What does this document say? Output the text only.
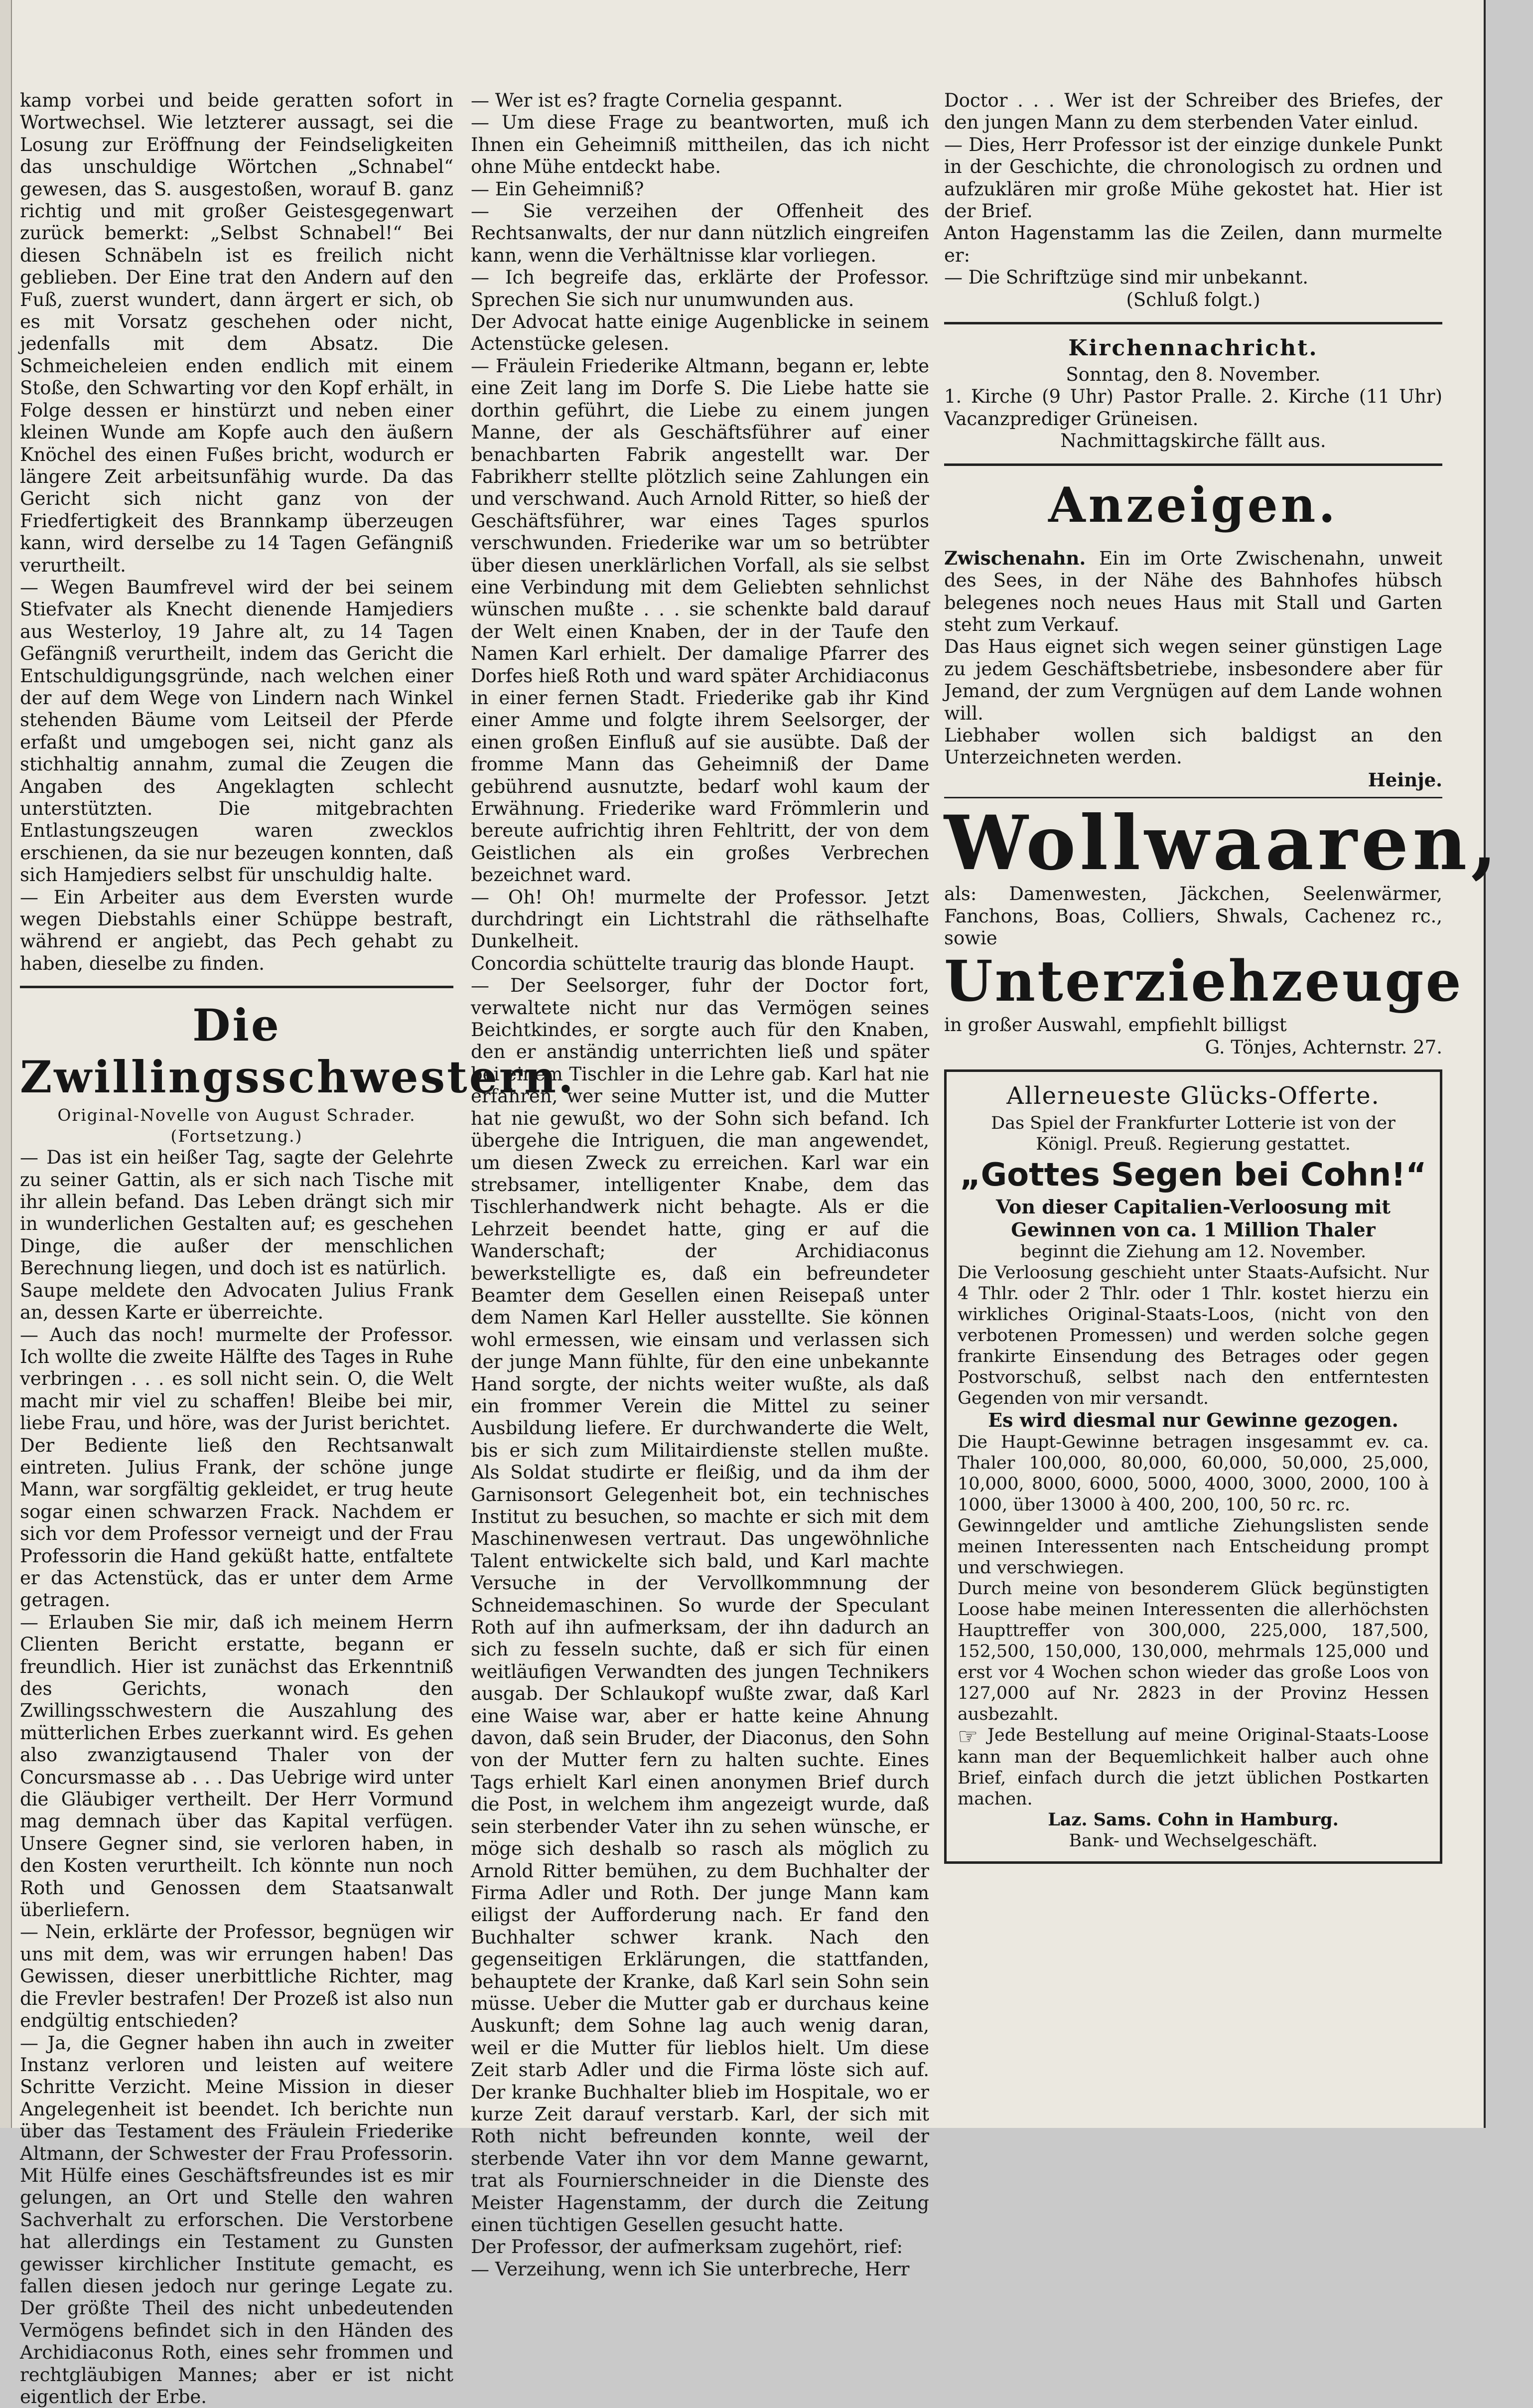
kamp vorbei und beide geratten sofort in Wortwechsel. Wie letzterer aussagt, sei die Losung zur Eröffnung der Feindseligkeiten das unschuldige Wörtchen „Schnabel“ gewesen, das S. ausgestoßen, worauf B. ganz richtig und mit großer Geistesgegenwart zurück bemerkt: „Selbst Schnabel!“ Bei diesen Schnäbeln ist es freilich nicht geblieben. Der Eine trat den Andern auf den Fuß, zuerst wundert, dann ärgert er sich, ob es mit Vorsatz geschehen oder nicht, jedenfalls mit dem Absatz. Die Schmeicheleien enden endlich mit einem Stoße, den Schwarting vor den Kopf erhält, in Folge dessen er hinstürzt und neben einer kleinen Wunde am Kopfe auch den äußern Knöchel des einen Fußes bricht, wodurch er längere Zeit arbeitsunfähig wurde. Da das Gericht sich nicht ganz von der Friedfertigkeit des Brannkamp überzeugen kann, wird derselbe zu 14 Tagen Gefängniß verurtheilt.

— Wegen Baumfrevel wird der bei seinem Stiefvater als Knecht dienende Hamjediers aus Westerloy, 19 Jahre alt, zu 14 Tagen Gefängniß verurtheilt, indem das Gericht die Entschuldigungsgründe, nach welchen einer der auf dem Wege von Lindern nach Winkel stehenden Bäume vom Leitseil der Pferde erfaßt und umgebogen sei, nicht ganz als stichhaltig annahm, zumal die Zeugen die Angaben des Angeklagten schlecht unterstützten. Die mitgebrachten Entlastungszeugen waren zwecklos erschienen, da sie nur bezeugen konnten, daß sich Hamjediers selbst für unschuldig halte.

— Ein Arbeiter aus dem Eversten wurde wegen Diebstahls einer Schüppe bestraft, während er angiebt, das Pech gehabt zu haben, dieselbe zu finden.

Die Zwillingsschwestern.

Original-Novelle von August Schrader.

(Fortsetzung.)

— Das ist ein heißer Tag, sagte der Gelehrte zu seiner Gattin, als er sich nach Tische mit ihr allein befand. Das Leben drängt sich mir in wunderlichen Gestalten auf; es geschehen Dinge, die außer der menschlichen Berechnung liegen, und doch ist es natürlich.

Saupe meldete den Advocaten Julius Frank an, dessen Karte er überreichte.

— Auch das noch! murmelte der Professor. Ich wollte die zweite Hälfte des Tages in Ruhe verbringen . . . es soll nicht sein. O, die Welt macht mir viel zu schaffen! Bleibe bei mir, liebe Frau, und höre, was der Jurist berichtet.

Der Bediente ließ den Rechtsanwalt eintreten. Julius Frank, der schöne junge Mann, war sorgfältig gekleidet, er trug heute sogar einen schwarzen Frack. Nachdem er sich vor dem Professor verneigt und der Frau Professorin die Hand geküßt hatte, entfaltete er das Actenstück, das er unter dem Arme getragen.

— Erlauben Sie mir, daß ich meinem Herrn Clienten Bericht erstatte, begann er freundlich. Hier ist zunächst das Erkenntniß des Gerichts, wonach den Zwillingsschwestern die Auszahlung des mütterlichen Erbes zuerkannt wird. Es gehen also zwanzigtausend Thaler von der Concursmasse ab . . . Das Uebrige wird unter die Gläubiger vertheilt. Der Herr Vormund mag demnach über das Kapital verfügen. Unsere Gegner sind, sie verloren haben, in den Kosten verurtheilt. Ich könnte nun noch Roth und Genossen dem Staatsanwalt überliefern.

— Nein, erklärte der Professor, begnügen wir uns mit dem, was wir errungen haben! Das Gewissen, dieser unerbittliche Richter, mag die Frevler bestrafen! Der Prozeß ist also nun endgültig entschieden?

— Ja, die Gegner haben ihn auch in zweiter Instanz verloren und leisten auf weitere Schritte Verzicht. Meine Mission in dieser Angelegenheit ist beendet. Ich berichte nun über das Testament des Fräulein Friederike Altmann, der Schwester der Frau Professorin. Mit Hülfe eines Geschäftsfreundes ist es mir gelungen, an Ort und Stelle den wahren Sachverhalt zu erforschen. Die Verstorbene hat allerdings ein Testament zu Gunsten gewisser kirchlicher Institute gemacht, es fallen diesen jedoch nur geringe Legate zu. Der größte Theil des nicht unbedeutenden Vermögens befindet sich in den Händen des Archidiaconus Roth, eines sehr frommen und rechtgläubigen Mannes; aber er ist nicht eigentlich der Erbe.

— Wer ist es? fragte Cornelia gespannt.

— Um diese Frage zu beantworten, muß ich Ihnen ein Geheimniß mittheilen, das ich nicht ohne Mühe entdeckt habe.

— Ein Geheimniß?

— Sie verzeihen der Offenheit des Rechtsanwalts, der nur dann nützlich eingreifen kann, wenn die Verhältnisse klar vorliegen.

— Ich begreife das, erklärte der Professor. Sprechen Sie sich nur unumwunden aus.

Der Advocat hatte einige Augenblicke in seinem Actenstücke gelesen.

— Fräulein Friederike Altmann, begann er, lebte eine Zeit lang im Dorfe S. Die Liebe hatte sie dorthin geführt, die Liebe zu einem jungen Manne, der als Geschäftsführer auf einer benachbarten Fabrik angestellt war. Der Fabrikherr stellte plötzlich seine Zahlungen ein und verschwand. Auch Arnold Ritter, so hieß der Geschäftsführer, war eines Tages spurlos verschwunden. Friederike war um so betrübter über diesen unerklärlichen Vorfall, als sie selbst eine Verbindung mit dem Geliebten sehnlichst wünschen mußte . . . sie schenkte bald darauf der Welt einen Knaben, der in der Taufe den Namen Karl erhielt. Der damalige Pfarrer des Dorfes hieß Roth und ward später Archidiaconus in einer fernen Stadt. Friederike gab ihr Kind einer Amme und folgte ihrem Seelsorger, der einen großen Einfluß auf sie ausübte. Daß der fromme Mann das Geheimniß der Dame gebührend ausnutzte, bedarf wohl kaum der Erwähnung. Friederike ward Frömmlerin und bereute aufrichtig ihren Fehltritt, der von dem Geistlichen als ein großes Verbrechen bezeichnet ward.

— Oh! Oh! murmelte der Professor. Jetzt durchdringt ein Lichtstrahl die räthselhafte Dunkelheit.

Concordia schüttelte traurig das blonde Haupt.

— Der Seelsorger, fuhr der Doctor fort, verwaltete nicht nur das Vermögen seines Beichtkindes, er sorgte auch für den Knaben, den er anständig unterrichten ließ und später bei einem Tischler in die Lehre gab. Karl hat nie erfahren, wer seine Mutter ist, und die Mutter hat nie gewußt, wo der Sohn sich befand. Ich übergehe die Intriguen, die man angewendet, um diesen Zweck zu erreichen. Karl war ein strebsamer, intelligenter Knabe, dem das Tischlerhandwerk nicht behagte. Als er die Lehrzeit beendet hatte, ging er auf die Wanderschaft; der Archidiaconus bewerkstelligte es, daß ein befreundeter Beamter dem Gesellen einen Reisepaß unter dem Namen Karl Heller ausstellte. Sie können wohl ermessen, wie einsam und verlassen sich der junge Mann fühlte, für den eine unbekannte Hand sorgte, der nichts weiter wußte, als daß ein frommer Verein die Mittel zu seiner Ausbildung liefere. Er durchwanderte die Welt, bis er sich zum Militairdienste stellen mußte. Als Soldat studirte er fleißig, und da ihm der Garnisonsort Gelegenheit bot, ein technisches Institut zu besuchen, so machte er sich mit dem Maschinenwesen vertraut. Das ungewöhnliche Talent entwickelte sich bald, und Karl machte Versuche in der Vervollkommnung der Schneidemaschinen. So wurde der Speculant Roth auf ihn aufmerksam, der ihn dadurch an sich zu fesseln suchte, daß er sich für einen weitläufigen Verwandten des jungen Technikers ausgab. Der Schlaukopf wußte zwar, daß Karl eine Waise war, aber er hatte keine Ahnung davon, daß sein Bruder, der Diaconus, den Sohn von der Mutter fern zu halten suchte. Eines Tags erhielt Karl einen anonymen Brief durch die Post, in welchem ihm angezeigt wurde, daß sein sterbender Vater ihn zu sehen wünsche, er möge sich deshalb so rasch als möglich zu Arnold Ritter bemühen, zu dem Buchhalter der Firma Adler und Roth. Der junge Mann kam eiligst der Aufforderung nach. Er fand den Buchhalter schwer krank. Nach den gegenseitigen Erklärungen, die stattfanden, behauptete der Kranke, daß Karl sein Sohn sein müsse. Ueber die Mutter gab er durchaus keine Auskunft; dem Sohne lag auch wenig daran, weil er die Mutter für lieblos hielt. Um diese Zeit starb Adler und die Firma löste sich auf. Der kranke Buchhalter blieb im Hospitale, wo er kurze Zeit darauf verstarb. Karl, der sich mit Roth nicht befreunden konnte, weil der sterbende Vater ihn vor dem Manne gewarnt, trat als Fournierschneider in die Dienste des Meister Hagenstamm, der durch die Zeitung einen tüchtigen Gesellen gesucht hatte.

Der Professor, der aufmerksam zugehört, rief:

— Verzeihung, wenn ich Sie unterbreche, Herr

Doctor . . . Wer ist der Schreiber des Briefes, der den jungen Mann zu dem sterbenden Vater einlud.

— Dies, Herr Professor ist der einzige dunkele Punkt in der Geschichte, die chronologisch zu ordnen und aufzuklären mir große Mühe gekostet hat. Hier ist der Brief.

Anton Hagenstamm las die Zeilen, dann murmelte er:

— Die Schriftzüge sind mir unbekannt.

(Schluß folgt.)

Kirchennachricht.

Sonntag, den 8. November.

1. Kirche (9 Uhr) Pastor Pralle. 2. Kirche (11 Uhr) Vacanzprediger Grüneisen.

Nachmittagskirche fällt aus.

Anzeigen.

Zwischenahn. Ein im Orte Zwischenahn, unweit des Sees, in der Nähe des Bahnhofes hübsch belegenes noch neues Haus mit Stall und Garten steht zum Verkauf.

Das Haus eignet sich wegen seiner günstigen Lage zu jedem Geschäftsbetriebe, insbesondere aber für Jemand, der zum Vergnügen auf dem Lande wohnen will.

Liebhaber wollen sich baldigst an den Unterzeichneten werden.

Heinje.

Wollwaaren,

als: Damenwesten, Jäckchen, Seelenwärmer, Fanchons, Boas, Colliers, Shwals, Cachenez rc., sowie

Unterziehzeuge

in großer Auswahl, empfiehlt billigst

G. Tönjes, Achternstr. 27.

Allerneueste Glücks-Offerte.

Das Spiel der Frankfurter Lotterie ist von der Königl. Preuß. Regierung gestattet.

„Gottes Segen bei Cohn!“

Von dieser Capitalien-Verloosung mit Gewinnen von ca. 1 Million Thaler

beginnt die Ziehung am 12. November.

Die Verloosung geschieht unter Staats-Aufsicht. Nur 4 Thlr. oder 2 Thlr. oder 1 Thlr. kostet hierzu ein wirkliches Original-Staats-Loos, (nicht von den verbotenen Promessen) und werden solche gegen frankirte Einsendung des Betrages oder gegen Postvorschuß, selbst nach den entferntesten Gegenden von mir versandt.

Es wird diesmal nur Gewinne gezogen.

Die Haupt-Gewinne betragen insgesammt ev. ca. Thaler 100,000, 80,000, 60,000, 50,000, 25,000, 10,000, 8000, 6000, 5000, 4000, 3000, 2000, 100 à 1000, über 13000 à 400, 200, 100, 50 rc. rc.

Gewinngelder und amtliche Ziehungslisten sende meinen Interessenten nach Entscheidung prompt und verschwiegen.

Durch meine von besonderem Glück begünstigten Loose habe meinen Interessenten die allerhöchsten Haupttreffer von 300,000, 225,000, 187,500, 152,500, 150,000, 130,000, mehrmals 125,000 und erst vor 4 Wochen schon wieder das große Loos von 127,000 auf Nr. 2823 in der Provinz Hessen ausbezahlt.

☞ Jede Bestellung auf meine Original-Staats-Loose kann man der Bequemlichkeit halber auch ohne Brief, einfach durch die jetzt üblichen Postkarten machen.

Laz. Sams. Cohn in Hamburg.

Bank- und Wechselgeschäft.
